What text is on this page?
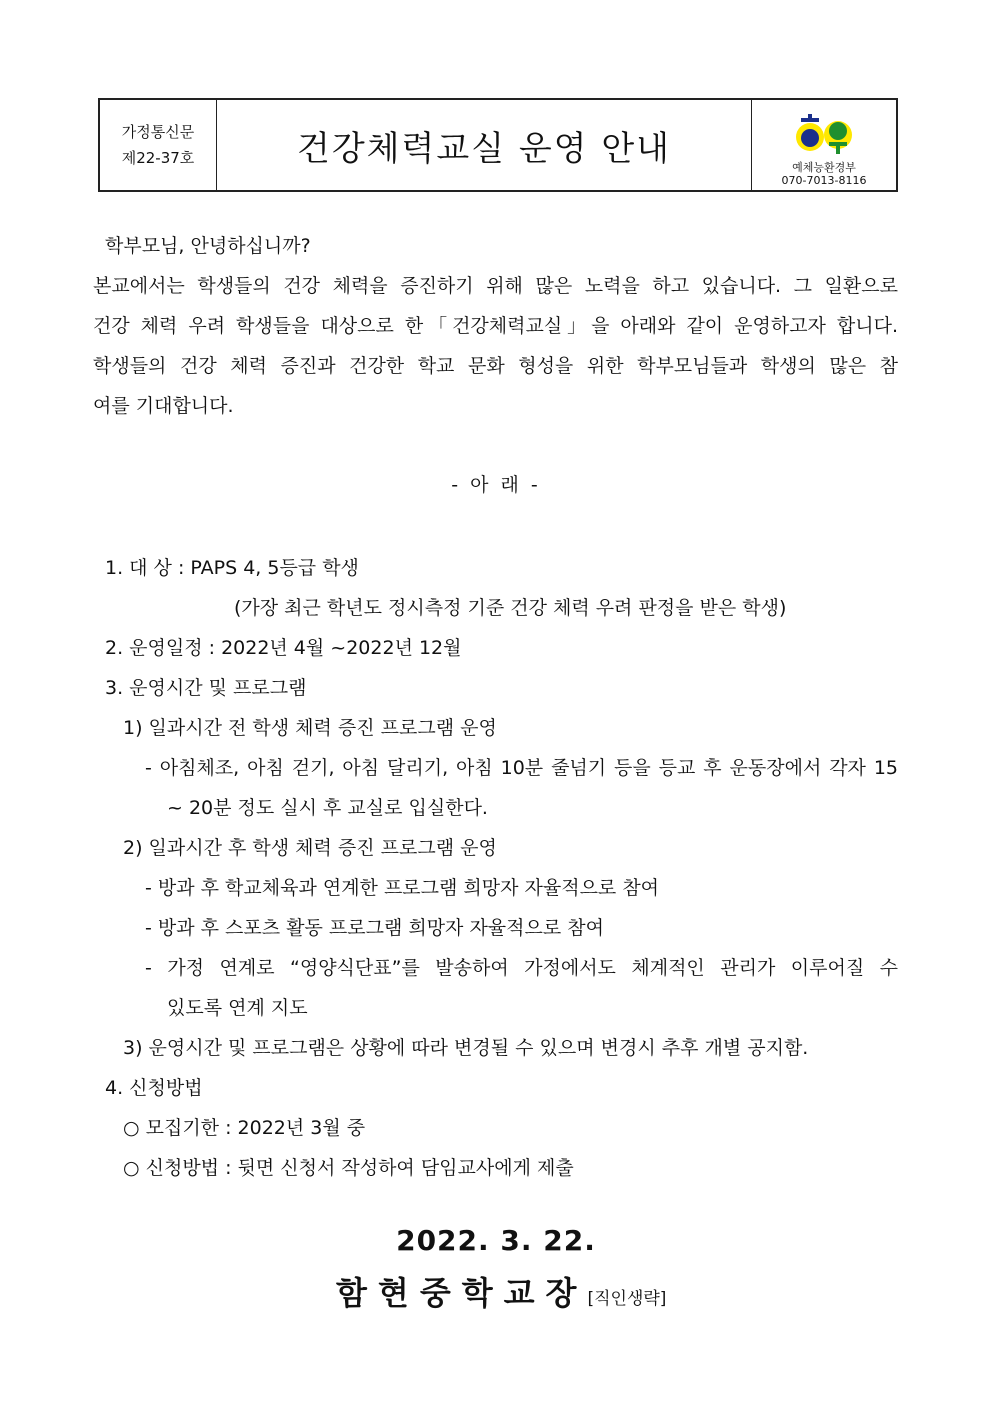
가정통신문
제22-37호	건강체력교실 운영 안내	예체능환경부
070-7013-8116
학부모님, 안녕하십니까?
본교에서는 학생들의 건강 체력을 증진하기 위해 많은 노력을 하고 있습니다. 그 일환으로
건강 체력 우려 학생들을 대상으로 한「건강체력교실」을 아래와 같이 운영하고자 합니다.
학생들의 건강 체력 증진과 건강한 학교 문화 형성을 위한 학부모님들과 학생의 많은 참
여를 기대합니다.
- 아 래 -
1. 대 상 : PAPS 4, 5등급 학생
(가장 최근 학년도 정시측정 기준 건강 체력 우려 판정을 받은 학생)
2. 운영일정 : 2022년 4월 ~2022년 12월
3. 운영시간 및 프로그램
1) 일과시간 전 학생 체력 증진 프로그램 운영
- 아침체조, 아침 걷기, 아침 달리기, 아침 10분 줄넘기 등을 등교 후 운동장에서 각자 15
~ 20분 정도 실시 후 교실로 입실한다.
2) 일과시간 후 학생 체력 증진 프로그램 운영
- 방과 후 학교체육과 연계한 프로그램 희망자 자율적으로 참여
- 방과 후 스포츠 활동 프로그램 희망자 자율적으로 참여
- 가정 연계로 “영양식단표”를 발송하여 가정에서도 체계적인 관리가 이루어질 수
있도록 연계 지도
3) 운영시간 및 프로그램은 상황에 따라 변경될 수 있으며 변경시 추후 개별 공지함.
4. 신청방법
○ 모집기한 : 2022년 3월 중
○ 신청방법 : 뒷면 신청서 작성하여 담임교사에게 제출
2022. 3. 22.
함현중학교장[직인생략]
